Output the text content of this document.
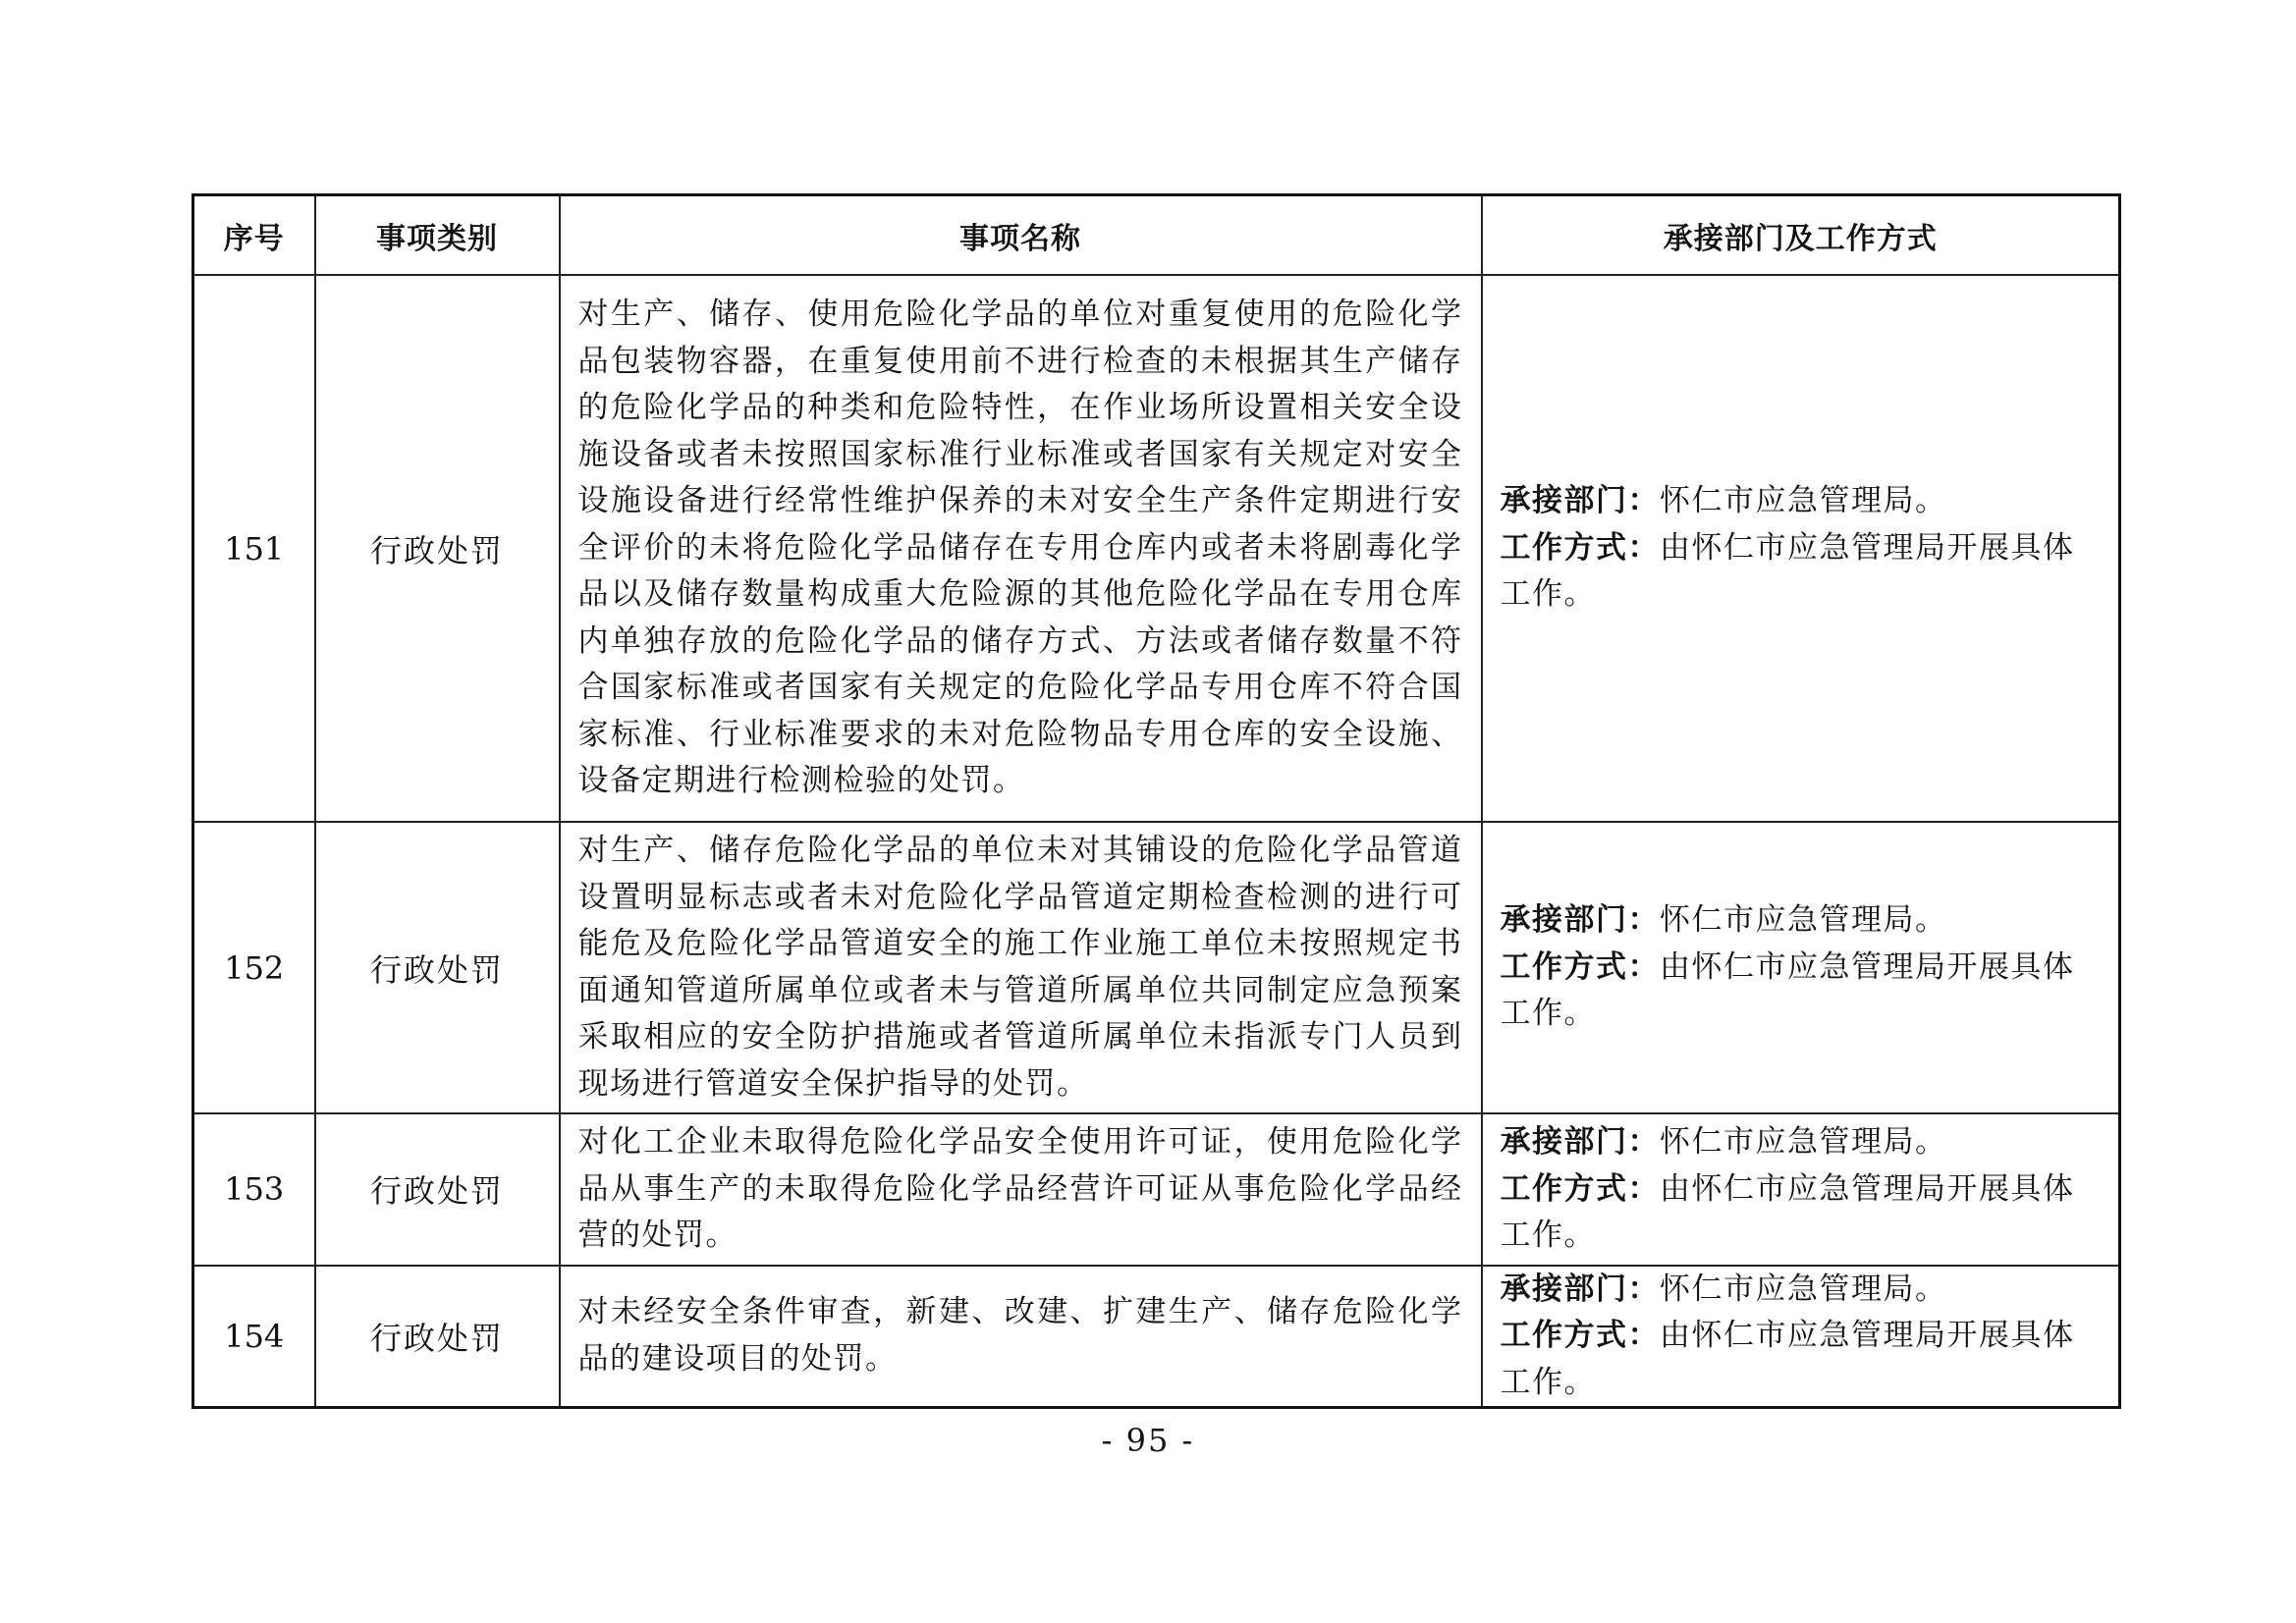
序号	事项类别	事项名称	承接部门及工作方式
151	行政处罚	对生产、储存、使用危险化学品的单位对重复使用的危险化学品包装物容器，在重复使用前不进行检查的未根据其生产储存的危险化学品的种类和危险特性，在作业场所设置相关安全设施设备或者未按照国家标准行业标准或者国家有关规定对安全设施设备进行经常性维护保养的未对安全生产条件定期进行安全评价的未将危险化学品储存在专用仓库内或者未将剧毒化学品以及储存数量构成重大危险源的其他危险化学品在专用仓库内单独存放的危险化学品的储存方式、方法或者储存数量不符合国家标准或者国家有关规定的危险化学品专用仓库不符合国家标准、行业标准要求的未对危险物品专用仓库的安全设施、设备定期进行检测检验的处罚。	承接部门：怀仁市应急管理局。
工作方式：由怀仁市应急管理局开展具体工作。
152	行政处罚	对生产、储存危险化学品的单位未对其铺设的危险化学品管道设置明显标志或者未对危险化学品管道定期检查检测的进行可能危及危险化学品管道安全的施工作业施工单位未按照规定书面通知管道所属单位或者未与管道所属单位共同制定应急预案采取相应的安全防护措施或者管道所属单位未指派专门人员到现场进行管道安全保护指导的处罚。	承接部门：怀仁市应急管理局。
工作方式：由怀仁市应急管理局开展具体工作。
153	行政处罚	对化工企业未取得危险化学品安全使用许可证，使用危险化学品从事生产的未取得危险化学品经营许可证从事危险化学品经营的处罚。	承接部门：怀仁市应急管理局。
工作方式：由怀仁市应急管理局开展具体工作。
154	行政处罚	对未经安全条件审查，新建、改建、扩建生产、储存危险化学品的建设项目的处罚。	承接部门：怀仁市应急管理局。
工作方式：由怀仁市应急管理局开展具体工作。
- 95 -
